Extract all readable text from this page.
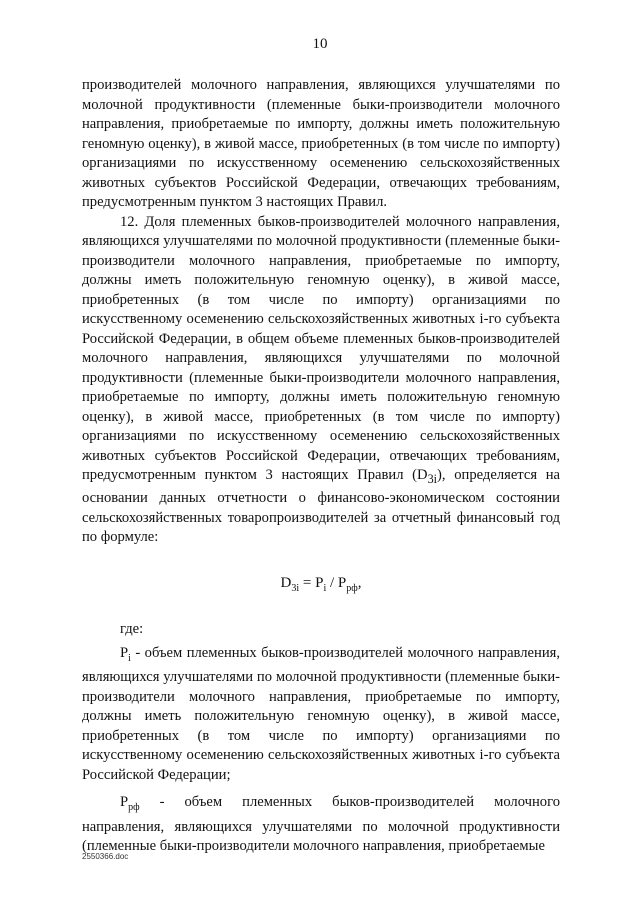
10

производителей молочного направления, являющихся улучшателями по молочной продуктивности (племенные быки-производители молочного направления, приобретаемые по импорту, должны иметь положительную геномную оценку), в живой массе, приобретенных (в том числе по импорту) организациями по искусственному осеменению сельскохозяйственных животных субъектов Российской Федерации, отвечающих требованиям, предусмотренным пунктом 3 настоящих Правил.

12. Доля племенных быков-производителей молочного направления, являющихся улучшателями по молочной продуктивности (племенные быки-производители молочного направления, приобретаемые по импорту, должны иметь положительную геномную оценку), в живой массе, приобретенных (в том числе по импорту) организациями по искусственному осеменению сельскохозяйственных животных i-го субъекта Российской Федерации, в общем объеме племенных быков-производителей молочного направления, являющихся улучшателями по молочной продуктивности (племенные быки-производители молочного направления, приобретаемые по импорту, должны иметь положительную геномную оценку), в живой массе, приобретенных (в том числе по импорту) организациями по искусственному осеменению сельскохозяйственных животных субъектов Российской Федерации, отвечающих требованиям, предусмотренным пунктом 3 настоящих Правил $(D_{3i})$, определяется на основании данных отчетности о финансово-экономическом состоянии сельскохозяйственных товаропроизводителей за отчетный финансовый год по формуле:

$D_{3i} = P_i / P_{рф}$,

где:

$P_i$ - объем племенных быков-производителей молочного направления, являющихся улучшателями по молочной продуктивности (племенные быки-производители молочного направления, приобретаемые по импорту, должны иметь положительную геномную оценку), в живой массе, приобретенных (в том числе по импорту) организациями по искусственному осеменению сельскохозяйственных животных i-го субъекта Российской Федерации;

$P_{рф}$ - объем племенных быков-производителей молочного направления, являющихся улучшателями по молочной продуктивности (племенные быки-производители молочного направления, приобретаемые

2550366.doc
